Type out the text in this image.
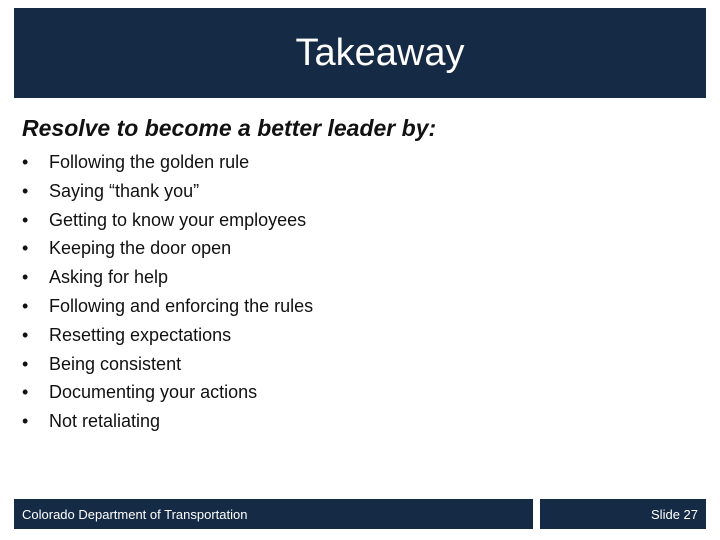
Takeaway
Resolve to become a better leader by:
•	Following the golden rule
•	Saying “thank you”
•	Getting to know your employees
•	Keeping the door open
•	Asking for help
•	Following and enforcing the rules
•	Resetting expectations
•	Being consistent
•	Documenting your actions
•	Not retaliating
Colorado Department of Transportation	Slide 27
